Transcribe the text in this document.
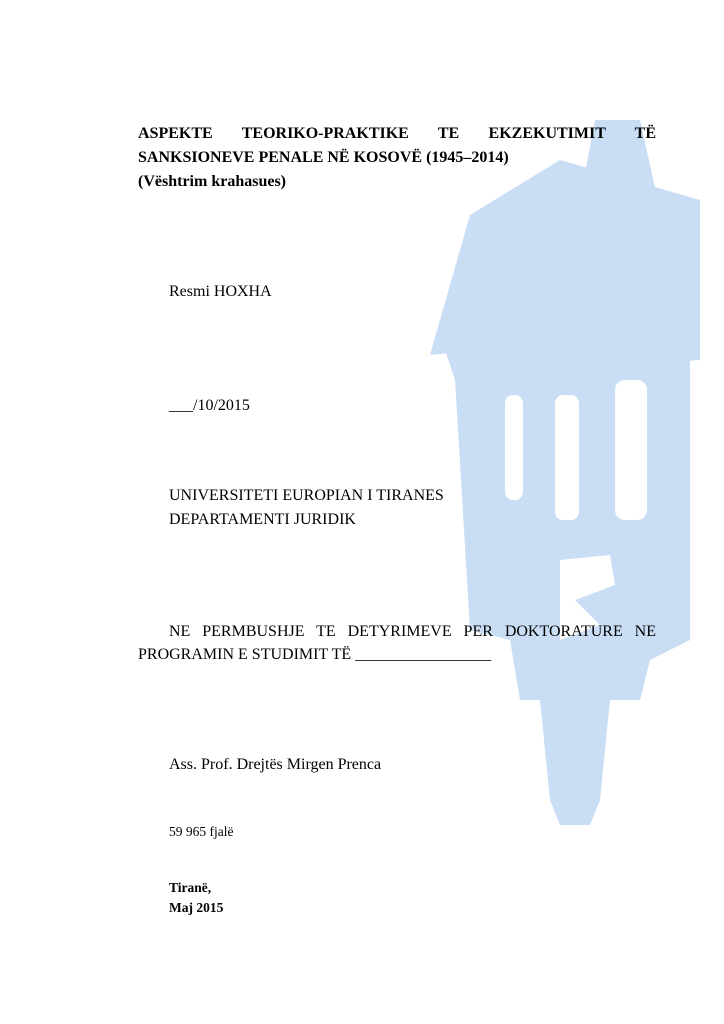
ASPEKTE TEORIKO-PRAKTIKE TE EKZEKUTIMIT TË
SANKSIONEVE PENALE NË KOSOVË (1945–2014)
(Vështrim krahasues)
Resmi HOXHA
___/10/2015
UNIVERSITETI EUROPIAN I TIRANES
DEPARTAMENTI JURIDIK
NE PERMBUSHJE TE DETYRIMEVE PER DOKTORATURE NE
PROGRAMIN E STUDIMIT TË _________________
Ass. Prof. Drejtës Mirgen Prenca
59 965 fjalë
Tiranë,
Maj 2015
